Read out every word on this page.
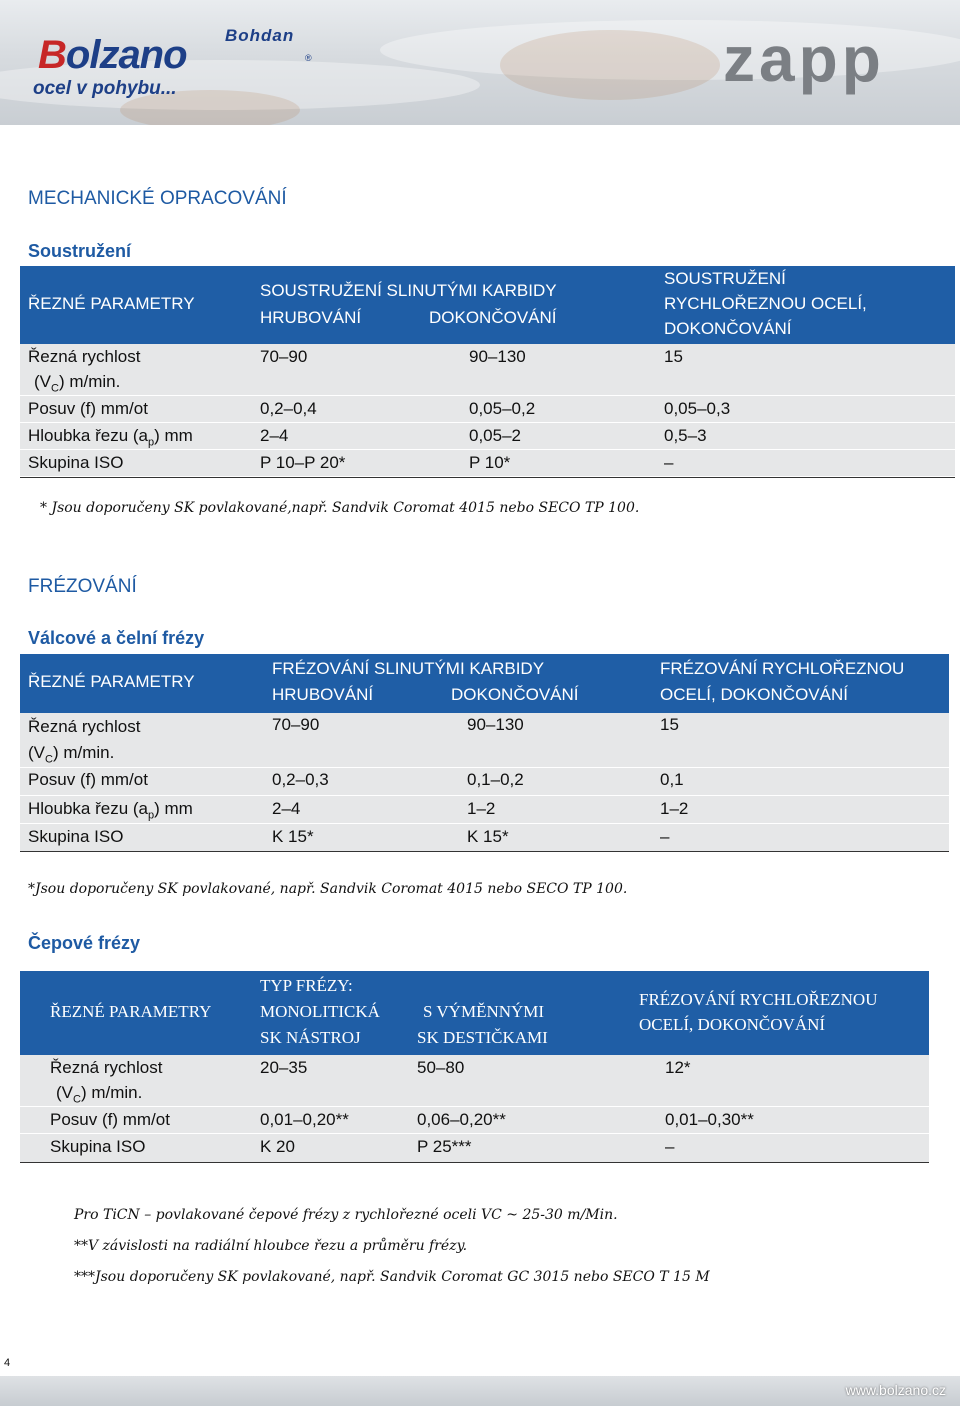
Bohdan
Bolzano	®
ocel v pohybu...	zapp
MECHANICKÉ OPRACOVÁNÍ
Soustružení
ŘEZNÉ PARAMETRY
SOUSTRUŽENÍ SLINUTÝMI KARBIDY
HRUBOVÁNÍ	DOKONČOVÁNÍ
SOUSTRUŽENÍ
RYCHLOŘEZNOU OCELÍ,
DOKONČOVÁNÍ
Řezná rychlost
$(V_C)$ m/min.
70–90	90–130	15
Posuv (f) mm/ot	0,2–0,4	0,05–0,2	0,05–0,3
Hloubka řezu $(a_p)$ mm	2–4	0,05–2	0,5–3
Skupina ISO	P 10–P 20*	P 10*	–
* Jsou doporučeny SK povlakované,např. Sandvik Coromat 4015 nebo SECO TP 100.
FRÉZOVÁNÍ
Válcové a čelní frézy
ŘEZNÉ PARAMETRY
FRÉZOVÁNÍ SLINUTÝMI KARBIDY
HRUBOVÁNÍ	DOKONČOVÁNÍ
FRÉZOVÁNÍ RYCHLOŘEZNOU
OCELÍ, DOKONČOVÁNÍ
Řezná rychlost
$(V_C)$ m/min.
70–90	90–130	15
Posuv (f) mm/ot	0,2–0,3	0,1–0,2	0,1
Hloubka řezu $(a_p)$ mm	2–4	1–2	1–2
Skupina ISO	K 15*	K 15*	–
*Jsou doporučeny SK povlakované, např. Sandvik Coromat 4015 nebo SECO TP 100.
Čepové frézy
ŘEZNÉ PARAMETRY
TYP FRÉZY:
MONOLITICKÁ
SK NÁSTROJ
S VÝMĚNNÝMI
SK DESTIČKAMI
FRÉZOVÁNÍ RYCHLOŘEZNOU
OCELÍ, DOKONČOVÁNÍ
Řezná rychlost
$(V_C)$ m/min.
20–35	50–80	12*
Posuv (f) mm/ot	0,01–0,20**	0,06–0,20**	0,01–0,30**
Skupina ISO	K 20	P 25***	–
Pro TiCN – povlakované čepové frézy z rychlořezné oceli VC ~ 25-30 m/Min.
**V závislosti na radiální hloubce řezu a průměru frézy.
***Jsou doporučeny SK povlakované, např. Sandvik Coromat GC 3015 nebo SECO T 15 M
4
www.bolzano.cz
